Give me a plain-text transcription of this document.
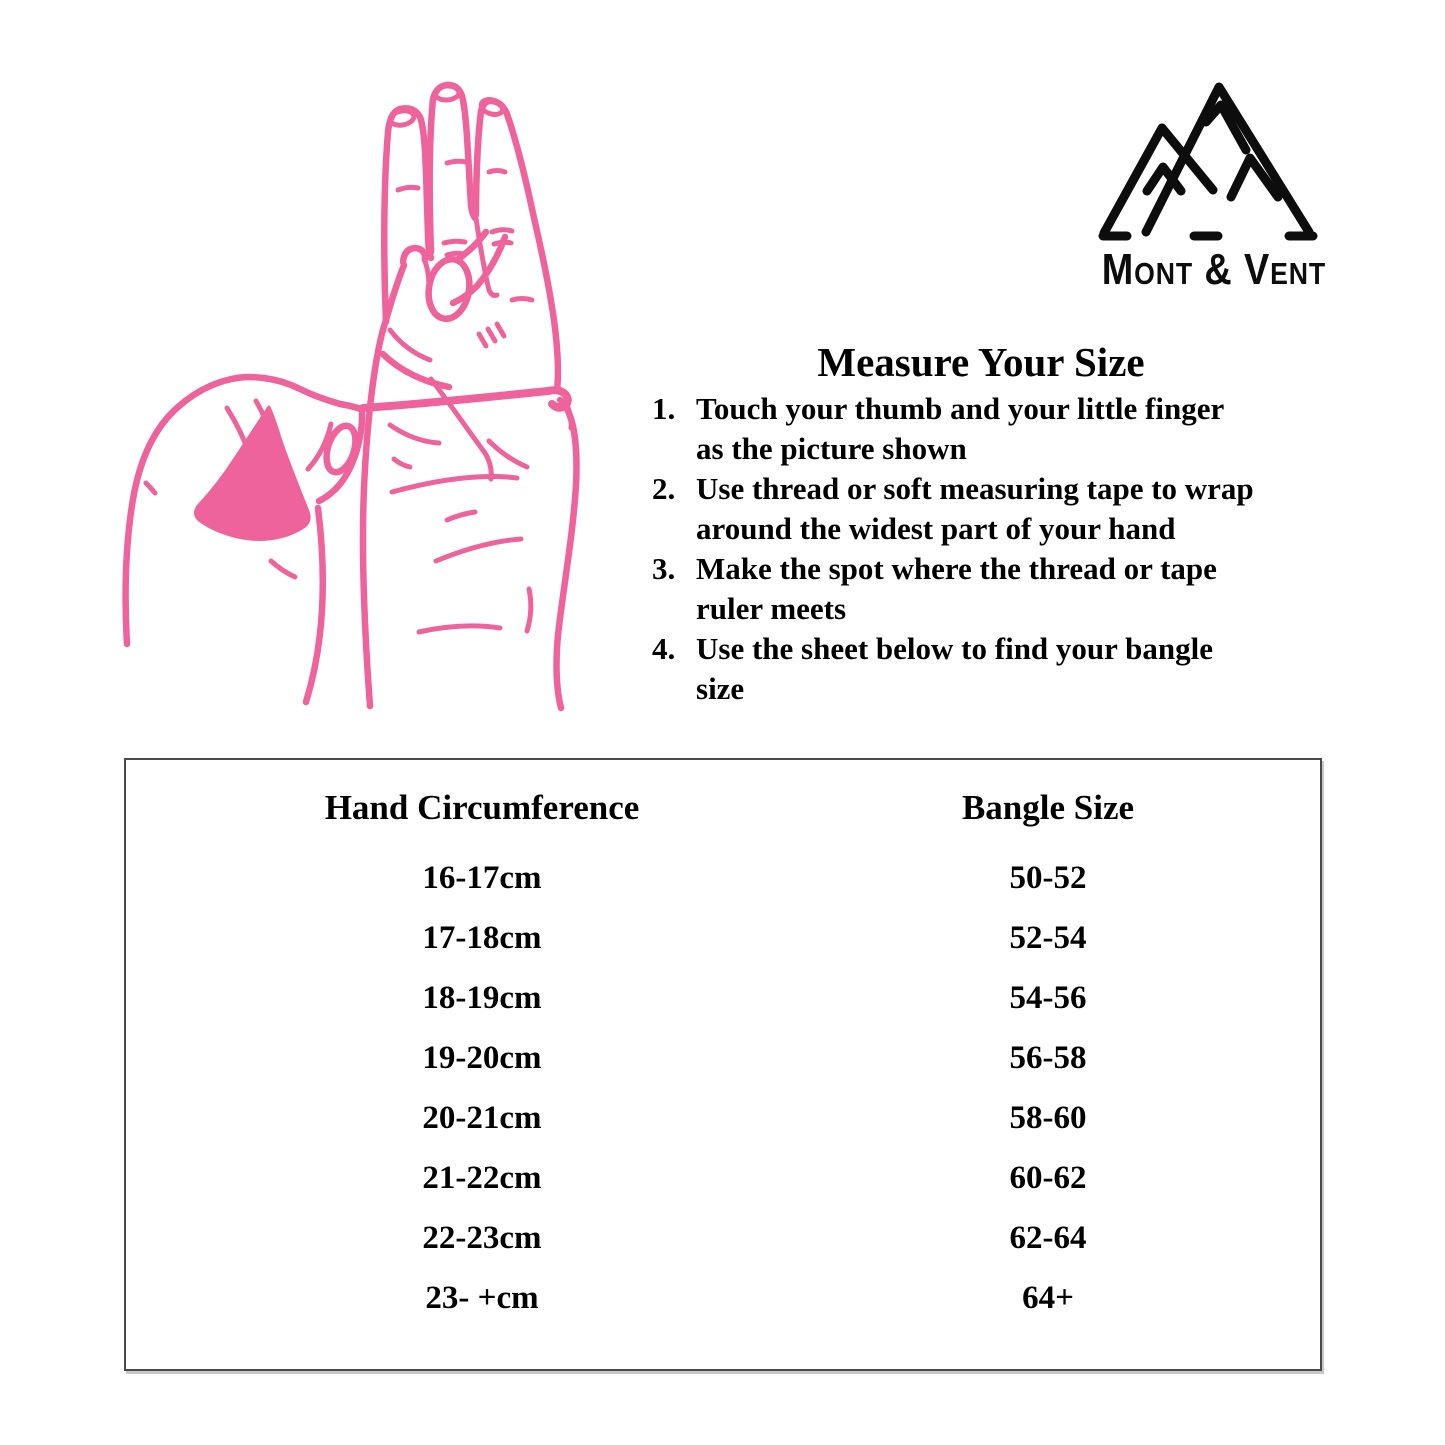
Mont & Vent
Measure Your Size
Touch your thumb and your little finger
as the picture shown
Use thread or soft measuring tape to wrap
around the widest part of your hand
Make the spot where the thread or tape
ruler meets
Use the sheet below to find your bangle
size
Hand Circumference	Bangle Size
16-17cm	50-52
17-18cm	52-54
18-19cm	54-56
19-20cm	56-58
20-21cm	58-60
21-22cm	60-62
22-23cm	62-64
23- +cm	64+
